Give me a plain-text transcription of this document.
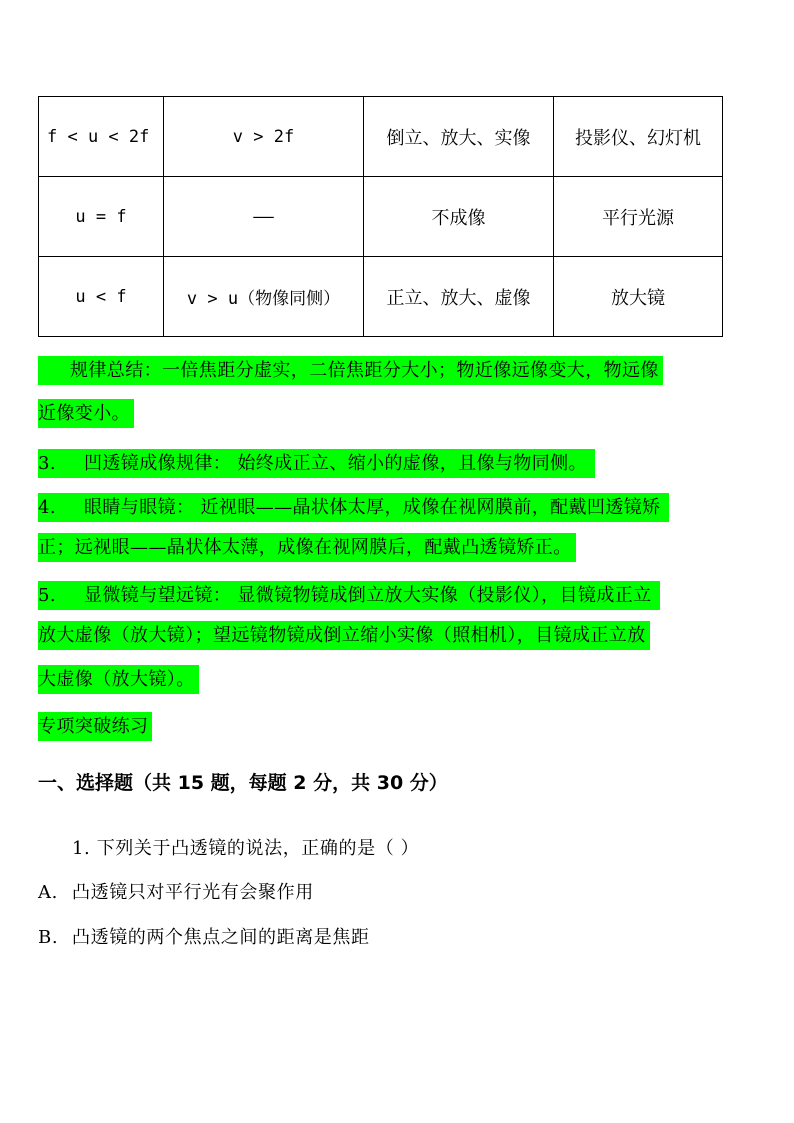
f < u < 2f	v > 2f	倒立、放大、实像	投影仪、幻灯机
u = f	——	不成像	平行光源
u < f	v > u（物像同侧）	正立、放大、虚像	放大镜
规律总结：一倍焦距分虚实，二倍焦距分大小；物近像远像变大，物远像
近像变小。
3. 凹透镜成像规律： 始终成正立、缩小的虚像，且像与物同侧。
4. 眼睛与眼镜： 近视眼——晶状体太厚，成像在视网膜前，配戴凹透镜矫
正；远视眼——晶状体太薄，成像在视网膜后，配戴凸透镜矫正。
5. 显微镜与望远镜： 显微镜物镜成倒立放大实像（投影仪），目镜成正立
放大虚像（放大镜）；望远镜物镜成倒立缩小实像（照相机），目镜成正立放
大虚像（放大镜）。
专项突破练习
一、选择题（共 15 题，每题 2 分，共 30 分）
1. 下列关于凸透镜的说法，正确的是（ ）
A. 凸透镜只对平行光有会聚作用
B. 凸透镜的两个焦点之间的距离是焦距
